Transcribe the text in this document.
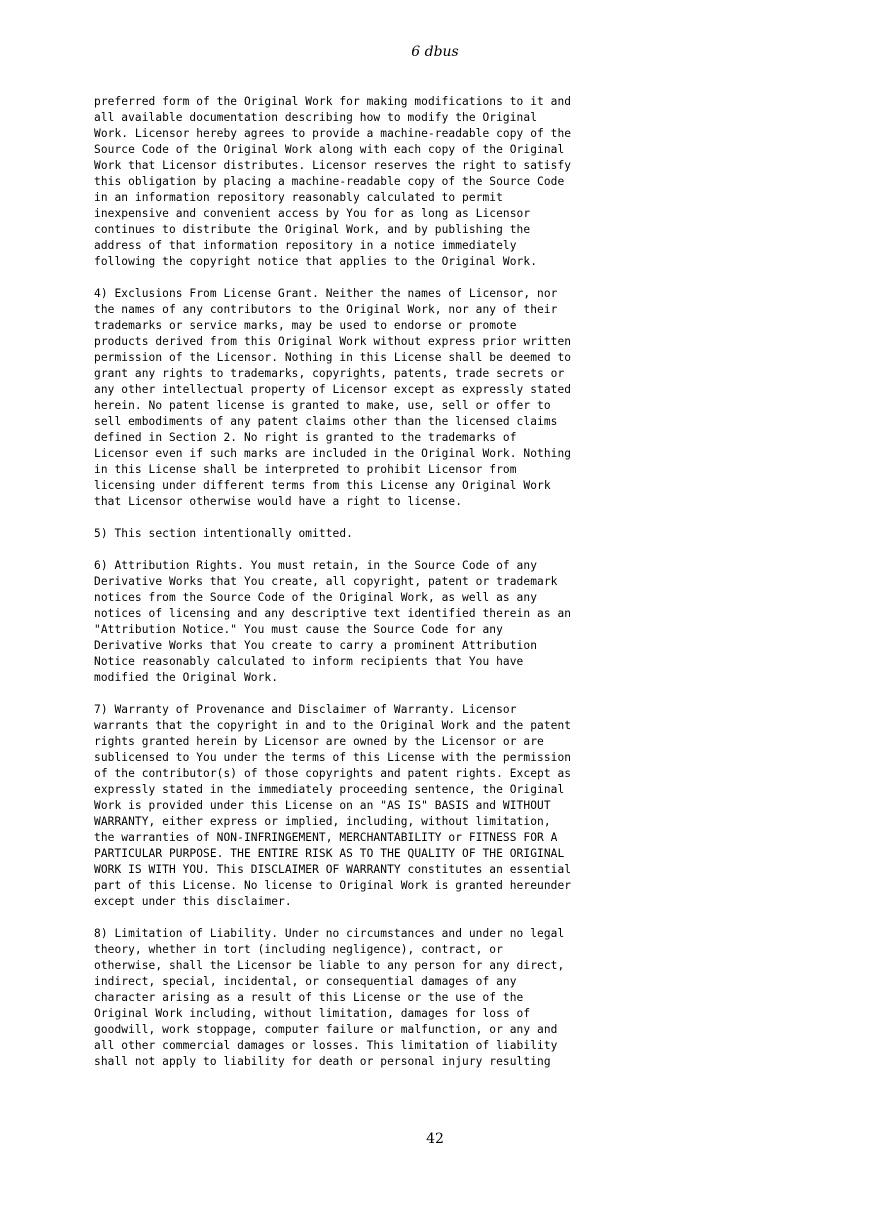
6 dbus
preferred form of the Original Work for making modifications to it and
all available documentation describing how to modify the Original
Work. Licensor hereby agrees to provide a machine-readable copy of the
Source Code of the Original Work along with each copy of the Original
Work that Licensor distributes. Licensor reserves the right to satisfy
this obligation by placing a machine-readable copy of the Source Code
in an information repository reasonably calculated to permit
inexpensive and convenient access by You for as long as Licensor
continues to distribute the Original Work, and by publishing the
address of that information repository in a notice immediately
following the copyright notice that applies to the Original Work.
4) Exclusions From License Grant. Neither the names of Licensor, nor
the names of any contributors to the Original Work, nor any of their
trademarks or service marks, may be used to endorse or promote
products derived from this Original Work without express prior written
permission of the Licensor. Nothing in this License shall be deemed to
grant any rights to trademarks, copyrights, patents, trade secrets or
any other intellectual property of Licensor except as expressly stated
herein. No patent license is granted to make, use, sell or offer to
sell embodiments of any patent claims other than the licensed claims
defined in Section 2. No right is granted to the trademarks of
Licensor even if such marks are included in the Original Work. Nothing
in this License shall be interpreted to prohibit Licensor from
licensing under different terms from this License any Original Work
that Licensor otherwise would have a right to license.
5) This section intentionally omitted.
6) Attribution Rights. You must retain, in the Source Code of any
Derivative Works that You create, all copyright, patent or trademark
notices from the Source Code of the Original Work, as well as any
notices of licensing and any descriptive text identified therein as an
"Attribution Notice." You must cause the Source Code for any
Derivative Works that You create to carry a prominent Attribution
Notice reasonably calculated to inform recipients that You have
modified the Original Work.
7) Warranty of Provenance and Disclaimer of Warranty. Licensor
warrants that the copyright in and to the Original Work and the patent
rights granted herein by Licensor are owned by the Licensor or are
sublicensed to You under the terms of this License with the permission
of the contributor(s) of those copyrights and patent rights. Except as
expressly stated in the immediately proceeding sentence, the Original
Work is provided under this License on an "AS IS" BASIS and WITHOUT
WARRANTY, either express or implied, including, without limitation,
the warranties of NON-INFRINGEMENT, MERCHANTABILITY or FITNESS FOR A
PARTICULAR PURPOSE. THE ENTIRE RISK AS TO THE QUALITY OF THE ORIGINAL
WORK IS WITH YOU. This DISCLAIMER OF WARRANTY constitutes an essential
part of this License. No license to Original Work is granted hereunder
except under this disclaimer.
8) Limitation of Liability. Under no circumstances and under no legal
theory, whether in tort (including negligence), contract, or
otherwise, shall the Licensor be liable to any person for any direct,
indirect, special, incidental, or consequential damages of any
character arising as a result of this License or the use of the
Original Work including, without limitation, damages for loss of
goodwill, work stoppage, computer failure or malfunction, or any and
all other commercial damages or losses. This limitation of liability
shall not apply to liability for death or personal injury resulting
42
